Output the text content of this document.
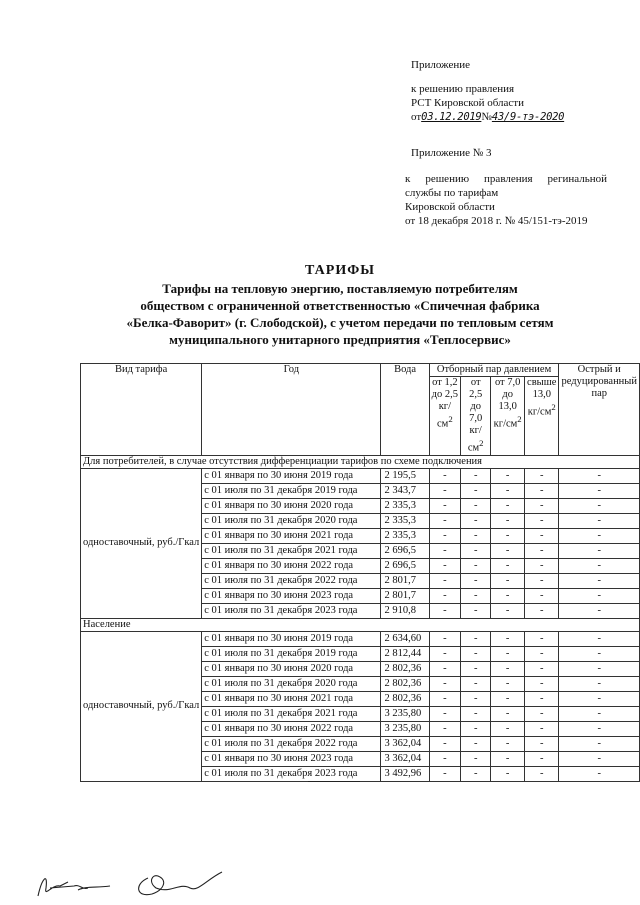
Приложение
к решению правления
РСТ Кировской области
от03.12.2019№43/9-тэ-2020
Приложение № 3
к решению правления регинальной
службы по тарифам
Кировской области
от 18 декабря 2018 г. № 45/151-тэ-2019
ТАРИФЫ
Тарифы на тепловую энергию, поставляемую потребителям
обществом с ограниченной ответственностью «Спичечная фабрика
«Белка-Фаворит» (г. Слободской), с учетом передачи по тепловым сетям
муниципального унитарного предприятия «Теплосервис»
Вид тарифа	Год	Вода	Отборный пар давлением				Острый и редуцированный пар
			от 1,2 до 2,5 $кг/см^2$	от 2,5 до 7,0 $кг/см^2$	от 7,0 до 13,0 $кг/см^2$	свыше 13,0 $кг/см^2$
Для потребителей, в случае отсутствия дифференциации тарифов по схеме подключения							
одноставочный, руб./Гкал	с 01 января по 30 июня 2019 года	2 195,5	-	-	-	-	-
	с 01 июля по 31 декабря 2019 года	2 343,7	-	-	-	-	-
	с 01 января по 30 июня 2020 года	2 335,3	-	-	-	-	-
	с 01 июля по 31 декабря 2020 года	2 335,3	-	-	-	-	-
	с 01 января по 30 июня 2021 года	2 335,3	-	-	-	-	-
	с 01 июля по 31 декабря 2021 года	2 696,5	-	-	-	-	-
	с 01 января по 30 июня 2022 года	2 696,5	-	-	-	-	-
	с 01 июля по 31 декабря 2022 года	2 801,7	-	-	-	-	-
	с 01 января по 30 июня 2023 года	2 801,7	-	-	-	-	-
	с 01 июля по 31 декабря 2023 года	2 910,8	-	-	-	-	-
Население							
одноставочный, руб./Гкал	с 01 января по 30 июня 2019 года	2 634,60	-	-	-	-	-
	с 01 июля по 31 декабря 2019 года	2 812,44	-	-	-	-	-
	с 01 января по 30 июня 2020 года	2 802,36	-	-	-	-	-
	с 01 июля по 31 декабря 2020 года	2 802,36	-	-	-	-	-
	с 01 января по 30 июня 2021 года	2 802,36	-	-	-	-	-
	с 01 июля по 31 декабря 2021 года	3 235,80	-	-	-	-	-
	с 01 января по 30 июня 2022 года	3 235,80	-	-	-	-	-
	с 01 июля по 31 декабря 2022 года	3 362,04	-	-	-	-	-
	с 01 января по 30 июня 2023 года	3 362,04	-	-	-	-	-
	с 01 июля по 31 декабря 2023 года	3 492,96	-	-	-	-	-
